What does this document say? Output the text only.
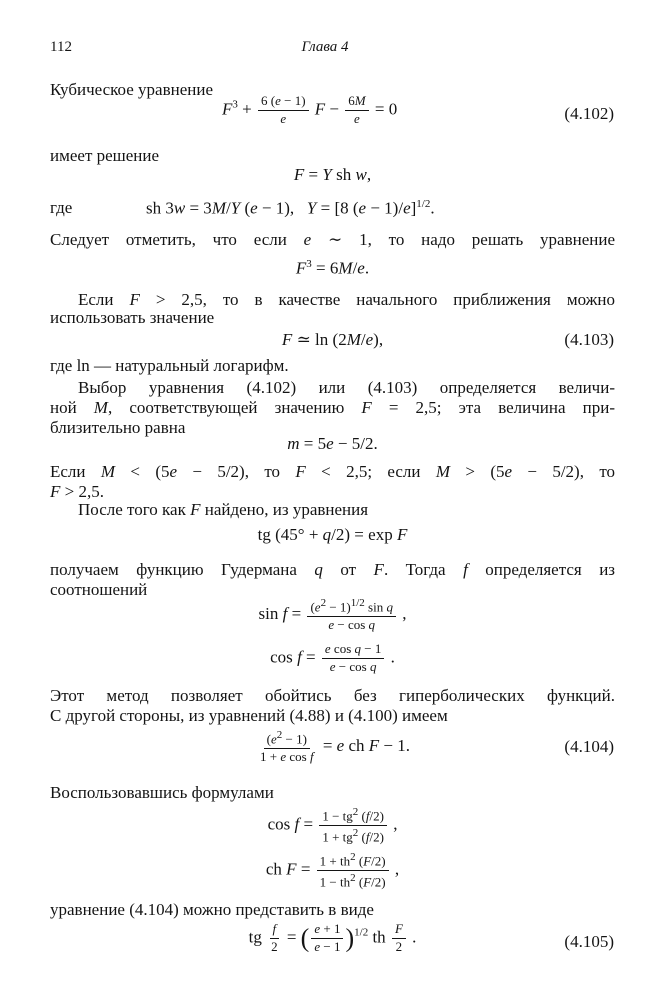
112	Глава 4
Кубическое уравнение
$F^3 + \frac{6 (e - 1)}{e}$ $F - \frac{6M}{e} = 0$	(4.102)
имеет решение
F = Y sh w,
где	sh 3w = 3M/Y (e − 1),   Y = [8 (e − 1)/e]$^{1/2}$.
Следует отметить, что если e ∼ 1, то надо решать уравнение
$F^3 = 6M/e$.
Если F > 2,5, то в качестве начального приближения можно
использовать значение
F ≃ ln (2M/e),	(4.103)
где ln — натуральный логарифм.
Выбор уравнения (4.102) или (4.103) определяется величи-
ной M, соответствующей значению F = 2,5; эта величина при-
близительно равна
m = 5e − 5/2.
Если M < (5e − 5/2), то F < 2,5; если M > (5e − 5/2), то
F > 2,5.
После того как F найдено, из уравнения
tg (45° + q/2) = exp F
получаем функцию Гудермана q от F. Тогда f определяется из
соотношений
$\sin f = \frac{(e^2 - 1)^{1/2} \sin q}{\text{e − cos q}}$ ,
$\cos f = \frac{\text{e cos q − 1}}{\text{e − cos q}}$ .
Этот метод позволяет обойтись без гиперболических функций.
С другой стороны, из уравнений (4.88) и (4.100) имеем
$\frac{(e^2 - 1)}{\text{1 + e cos f}} = e$ ch F − 1.	(4.104)
Воспользовавшись формулами
$\cos f = \frac{1 - tg^2 (f/2)}{1 + tg^2 (f/2)}$ ,
ch $F = \frac{1 + th^2 (F/2)}{1 - th^2 (F/2)}$ ,
уравнение (4.104) можно представить в виде
tg $\frac{f}{2}$ = ( $\frac{e + 1}{e - 1} )^{1/2}$ th $\frac{F}{2}$ .	(4.105)
